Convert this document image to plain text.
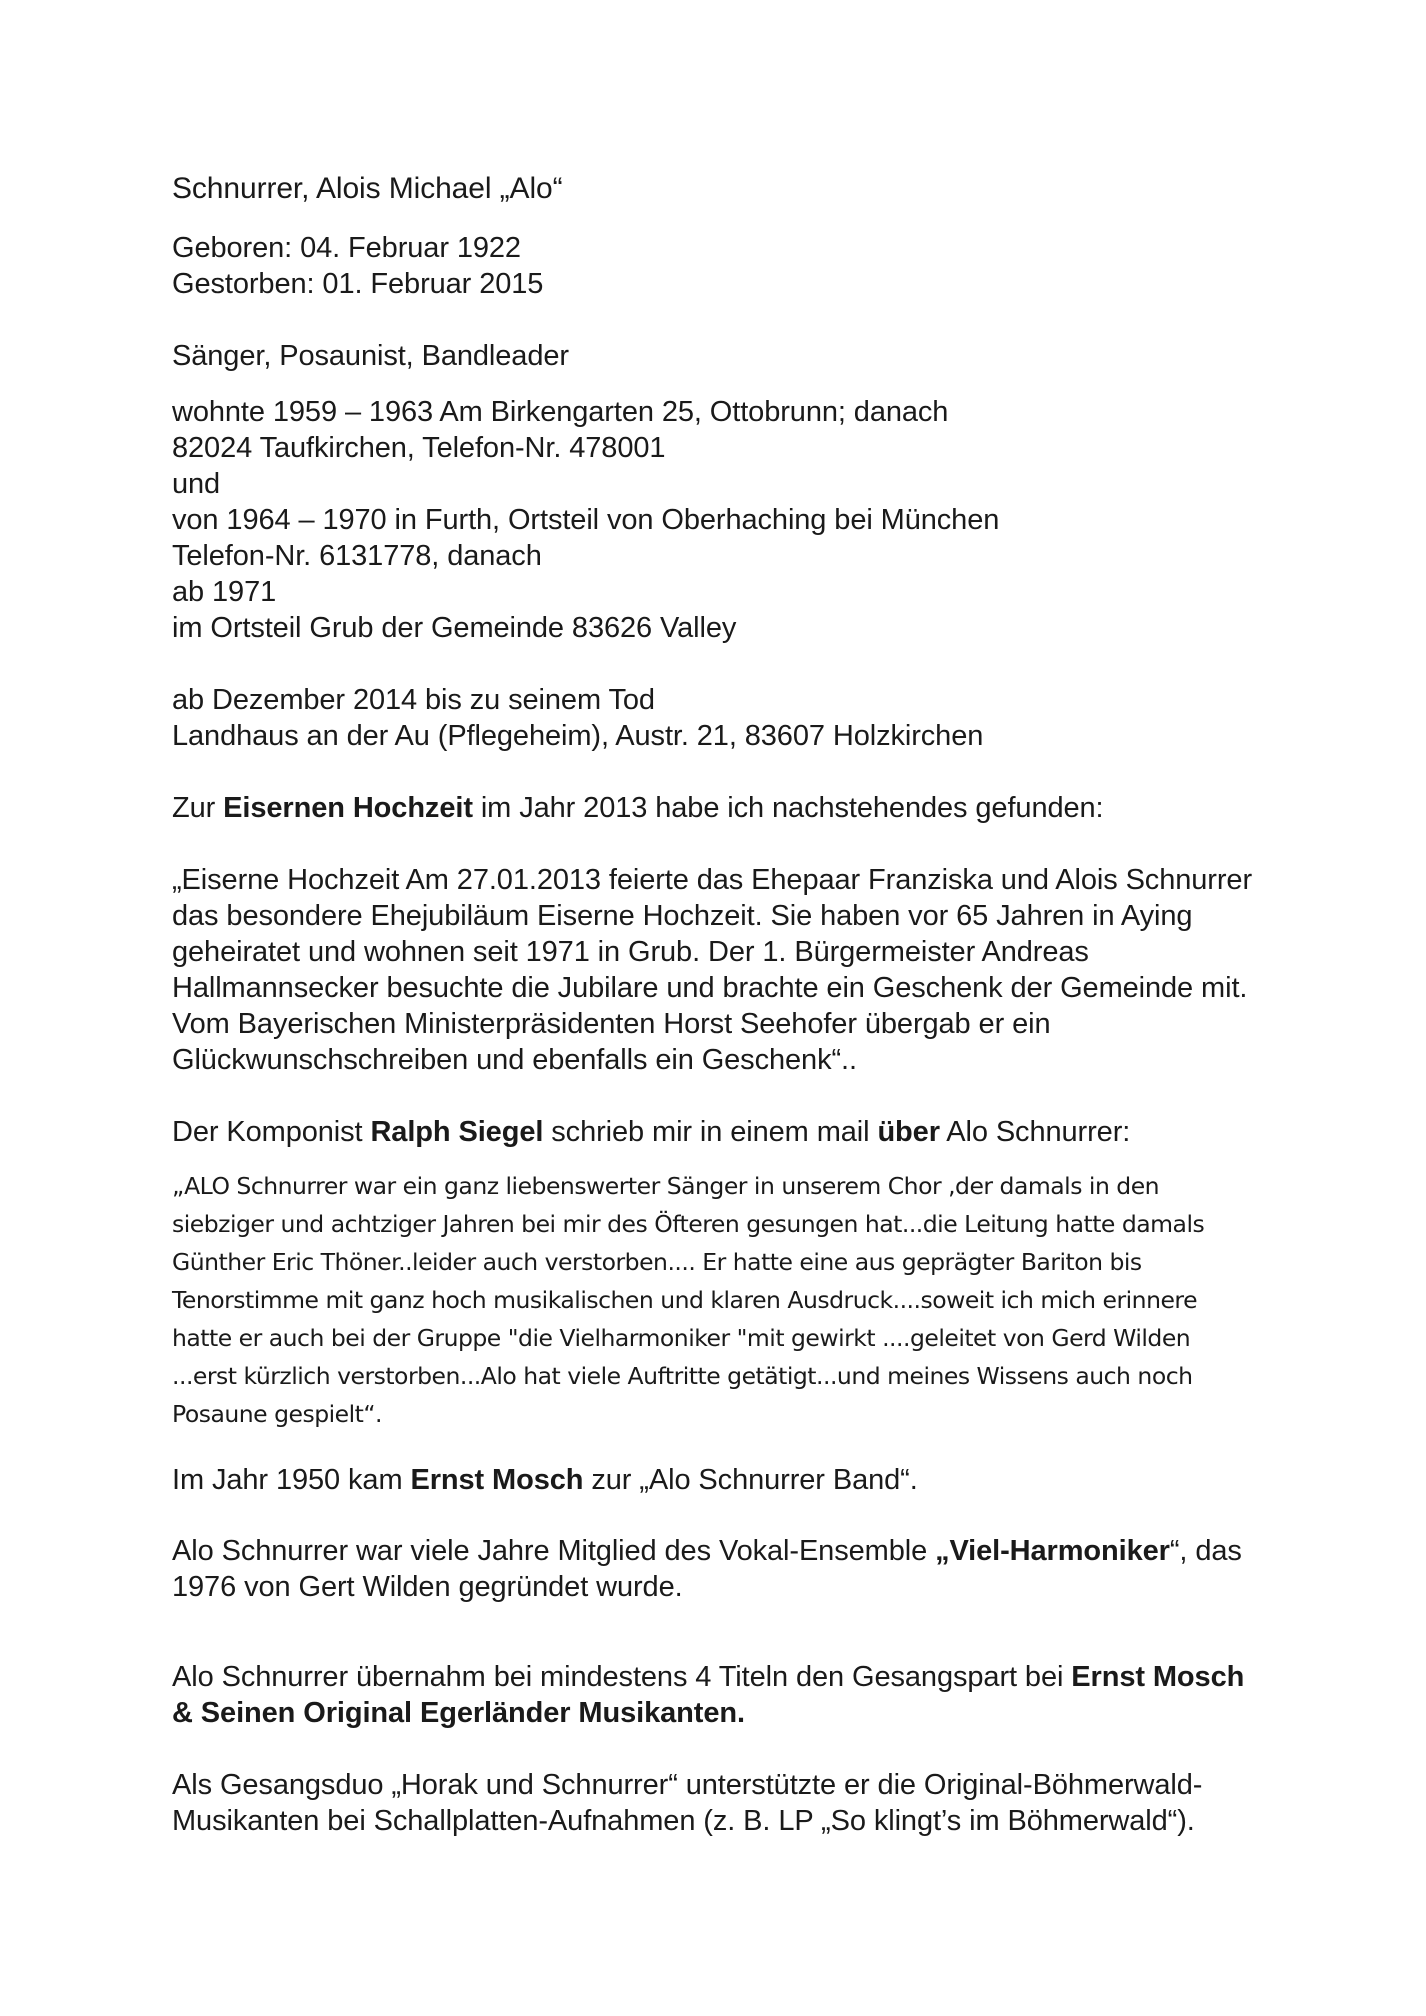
Schnurrer, Alois Michael „Alo“
Geboren: 04. Februar 1922
Gestorben: 01. Februar 2015
Sänger, Posaunist, Bandleader
wohnte 1959 – 1963 Am Birkengarten 25, Ottobrunn; danach
82024 Taufkirchen, Telefon-Nr. 478001
und
von 1964 – 1970 in Furth, Ortsteil von Oberhaching bei München
Telefon-Nr. 6131778, danach
ab 1971
im Ortsteil Grub der Gemeinde 83626 Valley
ab Dezember 2014 bis zu seinem Tod
Landhaus an der Au (Pflegeheim), Austr. 21, 83607 Holzkirchen
Zur Eisernen Hochzeit im Jahr 2013 habe ich nachstehendes gefunden:
„Eiserne Hochzeit Am 27.01.2013 feierte das Ehepaar Franziska und Alois Schnurrer
das besondere Ehejubiläum Eiserne Hochzeit. Sie haben vor 65 Jahren in Aying
geheiratet und wohnen seit 1971 in Grub. Der 1. Bürgermeister Andreas
Hallmannsecker besuchte die Jubilare und brachte ein Geschenk der Gemeinde mit.
Vom Bayerischen Ministerpräsidenten Horst Seehofer übergab er ein
Glückwunschschreiben und ebenfalls ein Geschenk“..
Der Komponist Ralph Siegel schrieb mir in einem mail über Alo Schnurrer:
„ALO Schnurrer war ein ganz liebenswerter Sänger in unserem Chor ,der damals in den
siebziger und achtziger Jahren bei mir des Öfteren gesungen hat...die Leitung hatte damals
Günther Eric Thöner..leider auch verstorben.... Er hatte eine aus geprägter Bariton bis
Tenorstimme mit ganz hoch musikalischen und klaren Ausdruck....soweit ich mich erinnere
hatte er auch bei der Gruppe "die Vielharmoniker "mit gewirkt ....geleitet von Gerd Wilden
...erst kürzlich verstorben...Alo hat viele Auftritte getätigt...und meines Wissens auch noch
Posaune gespielt“.
Im Jahr 1950 kam Ernst Mosch zur „Alo Schnurrer Band“.
Alo Schnurrer war viele Jahre Mitglied des Vokal-Ensemble „Viel-Harmoniker“, das
1976 von Gert Wilden gegründet wurde.
Alo Schnurrer übernahm bei mindestens 4 Titeln den Gesangspart bei Ernst Mosch
& Seinen Original Egerländer Musikanten.
Als Gesangsduo „Horak und Schnurrer“ unterstützte er die Original-Böhmerwald-
Musikanten bei Schallplatten-Aufnahmen (z. B. LP „So klingt’s im Böhmerwald“).
